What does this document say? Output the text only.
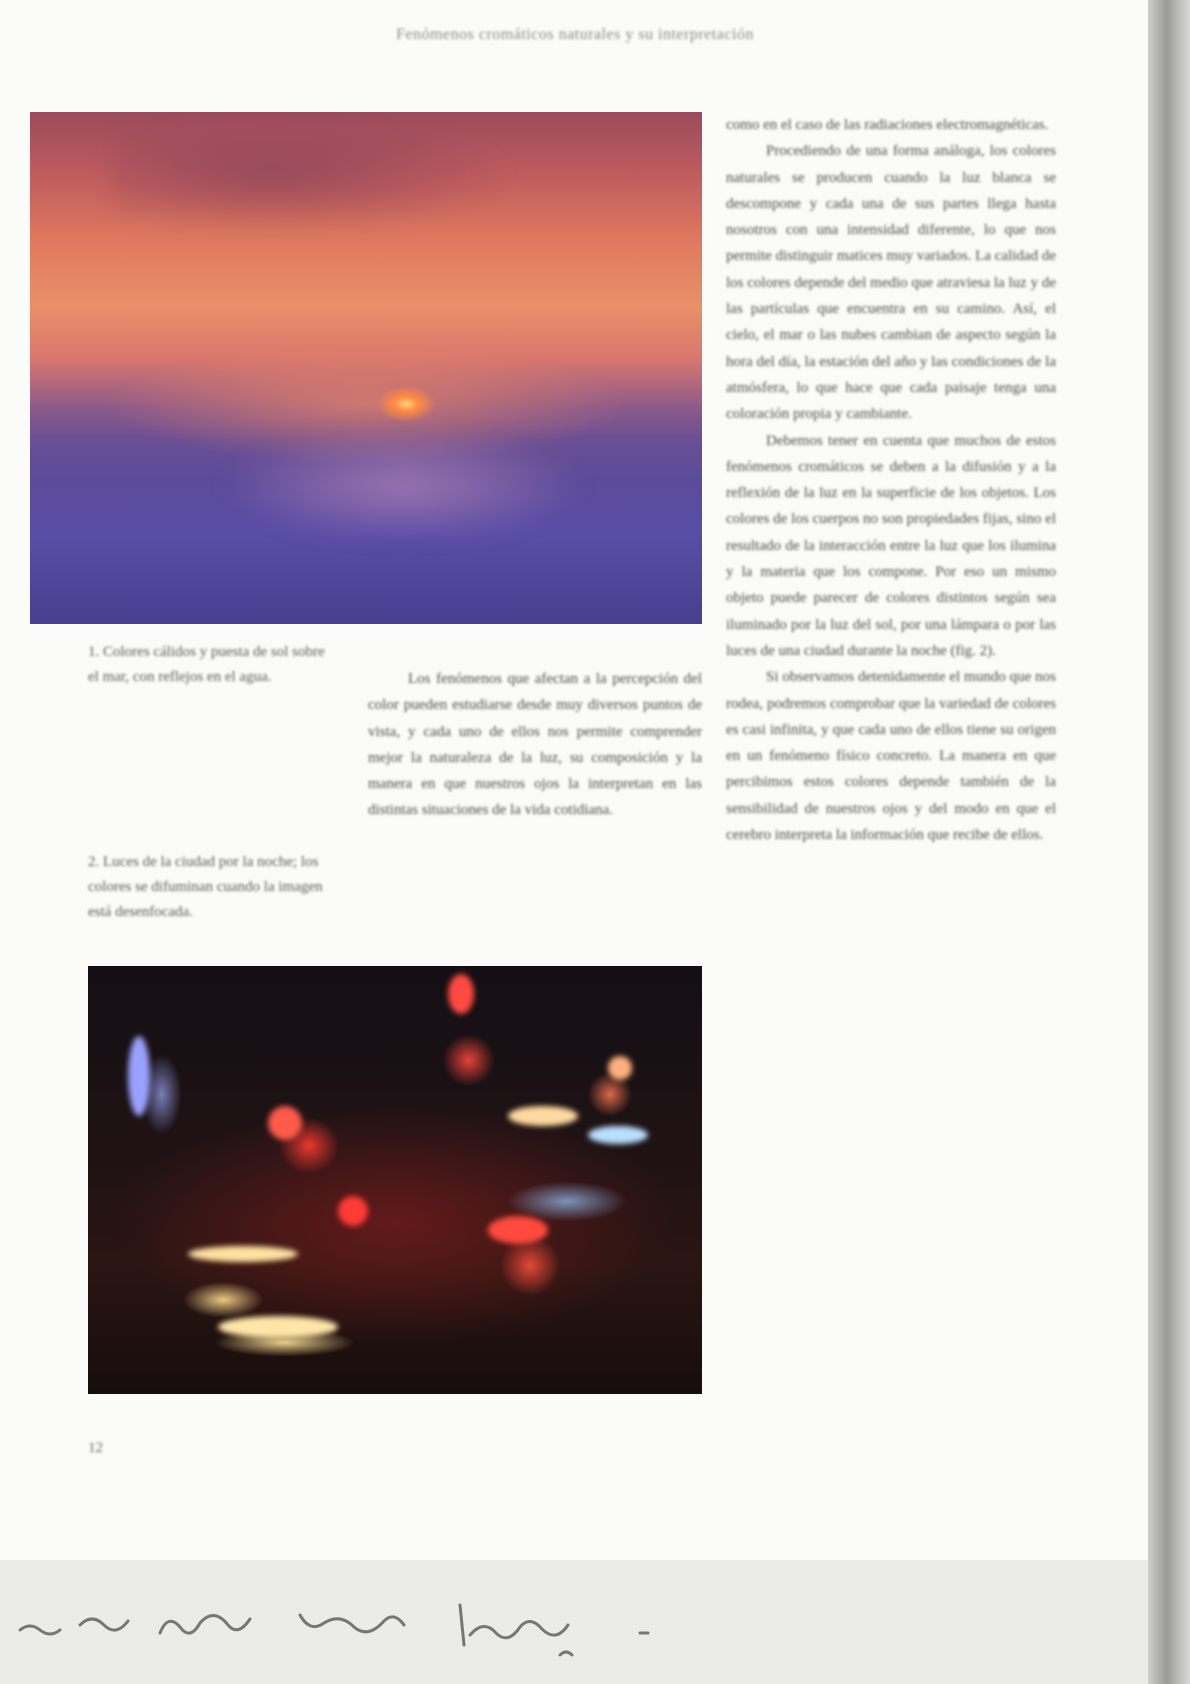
Fenómenos cromáticos naturales y su interpretación

1. Colores cálidos y puesta de sol sobre el mar, con reflejos en el agua.

2. Luces de la ciudad por la noche; los colores se difuminan cuando la imagen está desenfocada.

Los fenómenos que afectan a la percepción del color pueden estudiarse desde muy diversos puntos de vista, y cada uno de ellos nos permite comprender mejor la naturaleza de la luz, su composición y la manera en que nuestros ojos la interpretan en las distintas situaciones de la vida cotidiana.

como en el caso de las radiaciones electromagnéticas.

Procediendo de una forma análoga, los colores naturales se producen cuando la luz blanca se descompone y cada una de sus partes llega hasta nosotros con una intensidad diferente, lo que nos permite distinguir matices muy variados. La calidad de los colores depende del medio que atraviesa la luz y de las partículas que encuentra en su camino. Así, el cielo, el mar o las nubes cambian de aspecto según la hora del día, la estación del año y las condiciones de la atmósfera, lo que hace que cada paisaje tenga una coloración propia y cambiante.

Debemos tener en cuenta que muchos de estos fenómenos cromáticos se deben a la difusión y a la reflexión de la luz en la superficie de los objetos. Los colores de los cuerpos no son propiedades fijas, sino el resultado de la interacción entre la luz que los ilumina y la materia que los compone. Por eso un mismo objeto puede parecer de colores distintos según sea iluminado por la luz del sol, por una lámpara o por las luces de una ciudad durante la noche (fig. 2).

Si observamos detenidamente el mundo que nos rodea, podremos comprobar que la variedad de colores es casi infinita, y que cada uno de ellos tiene su origen en un fenómeno físico concreto. La manera en que percibimos estos colores depende también de la sensibilidad de nuestros ojos y del modo en que el cerebro interpreta la información que recibe de ellos.

12
